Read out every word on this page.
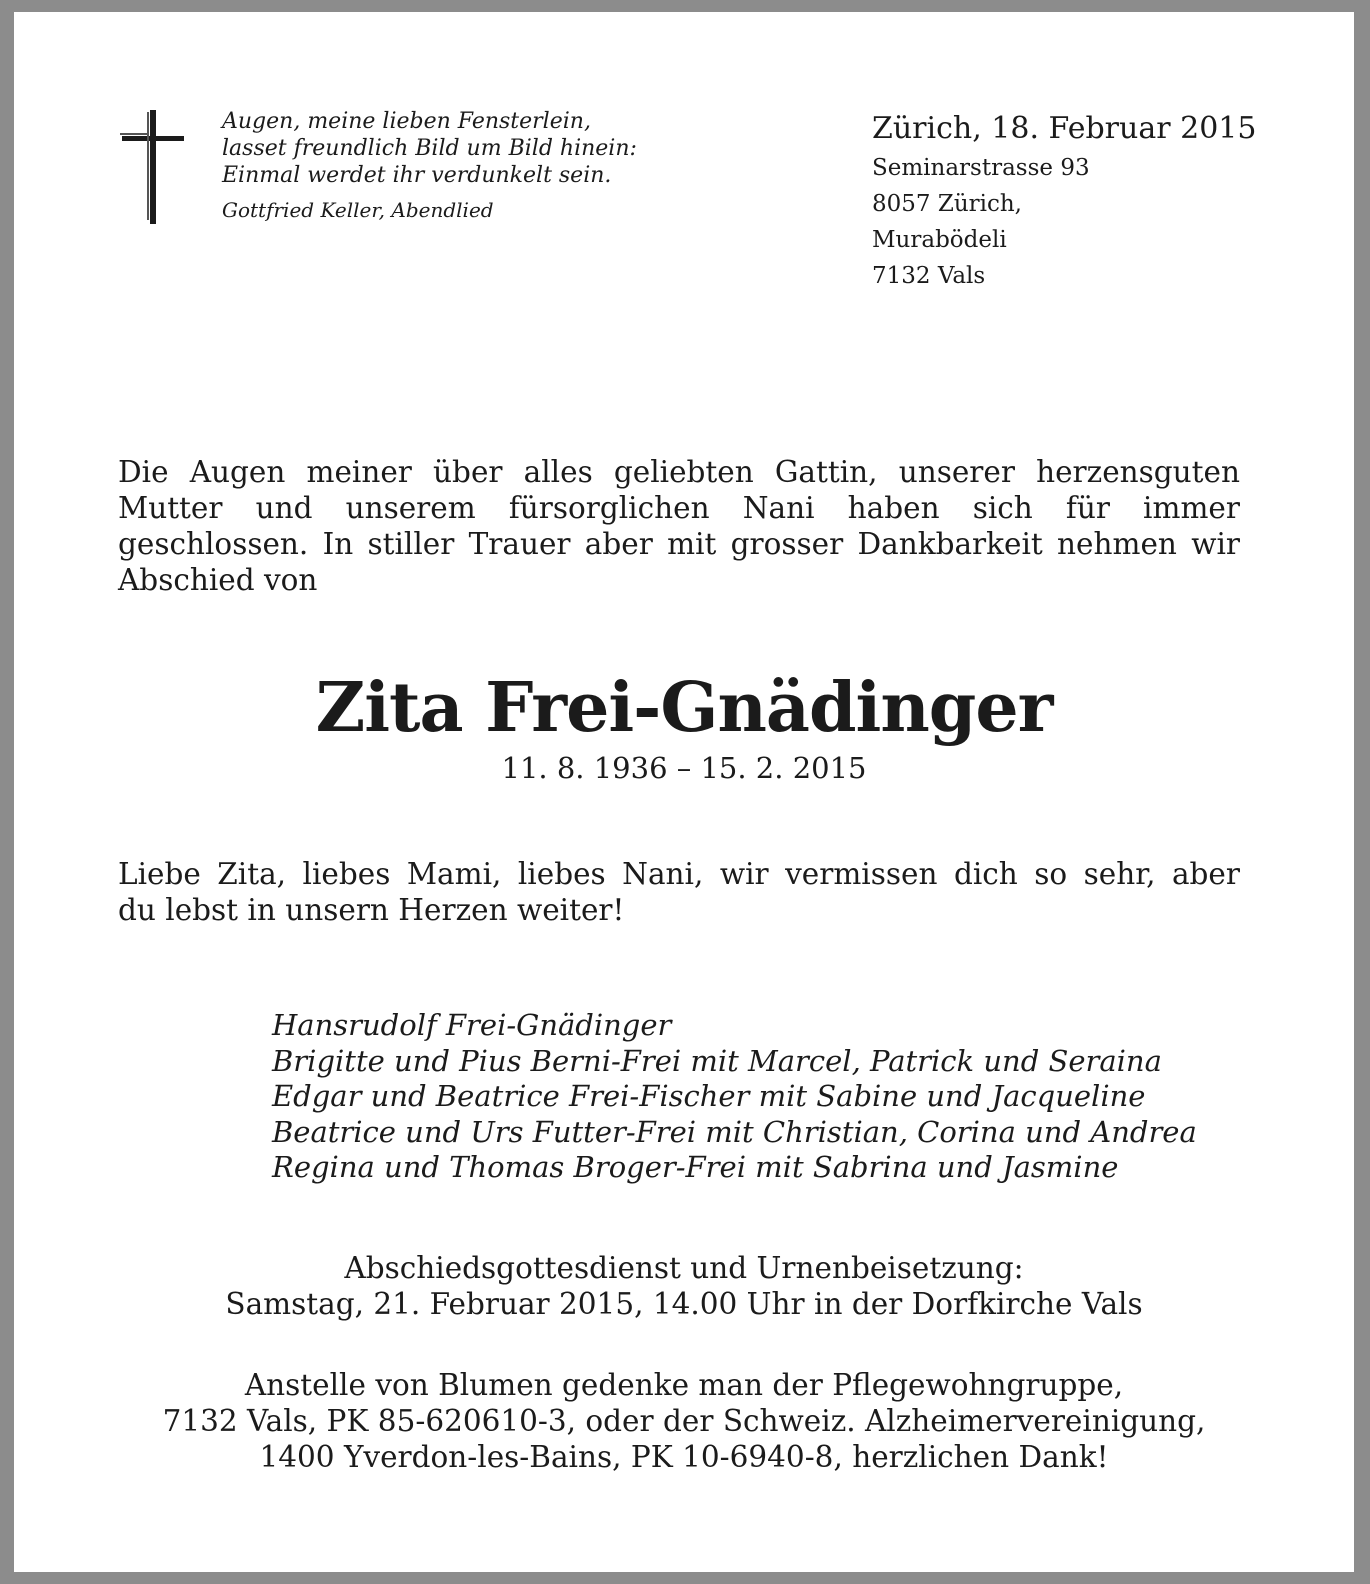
Augen, meine lieben Fensterlein,
lasset freundlich Bild um Bild hinein:
Einmal werdet ihr verdunkelt sein.
Gottfried Keller, Abendlied
Zürich, 18. Februar 2015
Seminarstrasse 93
8057 Zürich,
Murabödeli
7132 Vals
Die Augen meiner über alles geliebten Gattin, unserer herzensguten
Mutter und unserem fürsorglichen Nani haben sich für immer
geschlossen. In stiller Trauer aber mit grosser Dankbarkeit nehmen wir
Abschied von
Zita Frei-Gnädinger
11. 8. 1936 – 15. 2. 2015
Liebe Zita, liebes Mami, liebes Nani, wir vermissen dich so sehr, aber
du lebst in unsern Herzen weiter!
Hansrudolf Frei-Gnädinger
Brigitte und Pius Berni-Frei mit Marcel, Patrick und Seraina
Edgar und Beatrice Frei-Fischer mit Sabine und Jacqueline
Beatrice und Urs Futter-Frei mit Christian, Corina und Andrea
Regina und Thomas Broger-Frei mit Sabrina und Jasmine
Abschiedsgottesdienst und Urnenbeisetzung:
Samstag, 21. Februar 2015, 14.00 Uhr in der Dorfkirche Vals
Anstelle von Blumen gedenke man der Pflegewohngruppe,
7132 Vals, PK 85-620610-3, oder der Schweiz. Alzheimervereinigung,
1400 Yverdon-les-Bains, PK 10-6940-8, herzlichen Dank!
